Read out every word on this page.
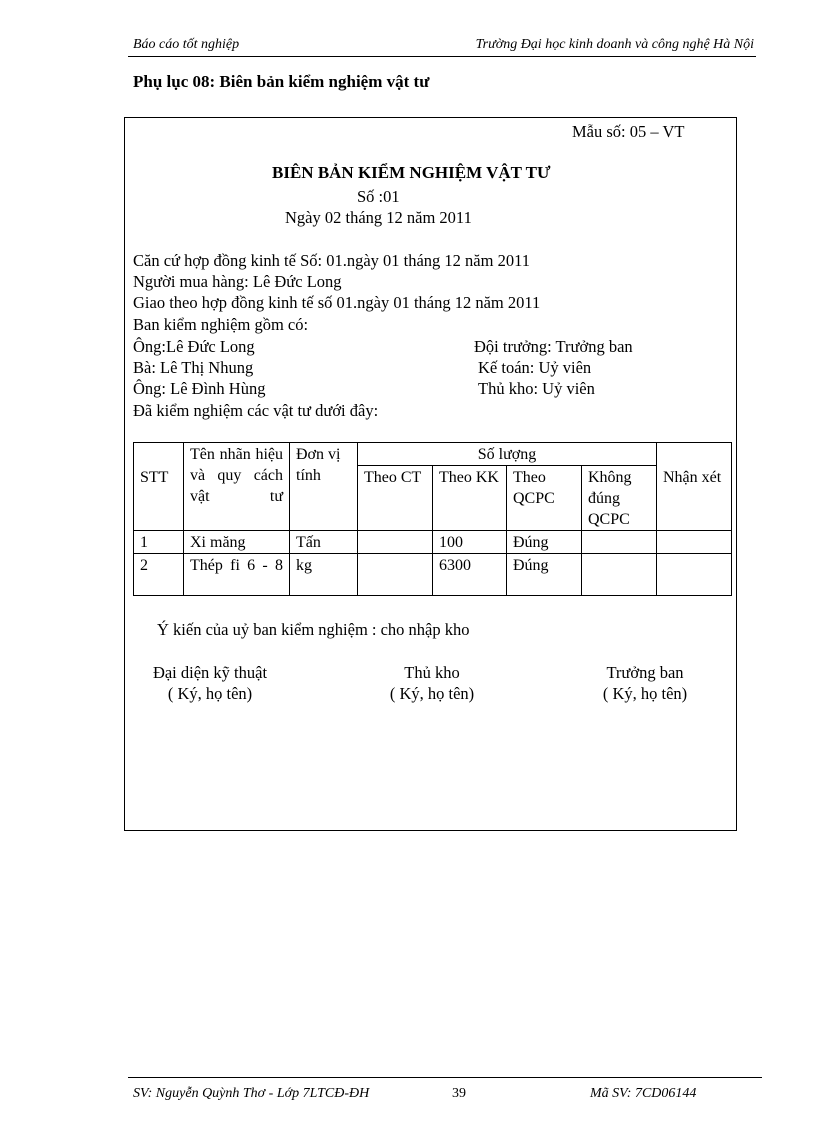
Báo cáo tốt nghiệp	Trường Đại học kinh doanh và công nghệ Hà Nội
Phụ lục 08: Biên bản kiểm nghiệm vật tư
Mẫu số: 05 – VT
BIÊN BẢN KIỂM NGHIỆM VẬT TƯ
Số :01
Ngày 02 tháng 12 năm 2011
Căn cứ hợp đồng kinh tế Số: 01.ngày 01 tháng 12 năm 2011
Người mua hàng: Lê Đức Long
Giao theo hợp đồng kinh tế số 01.ngày 01 tháng 12 năm 2011
Ban kiểm nghiệm gồm có:
Ông:Lê Đức Long	Đội trưởng: Trưởng ban
Bà: Lê Thị Nhung	Kế toán: Uỷ viên
Ông: Lê Đình Hùng	Thủ kho: Uỷ viên
Đã kiểm nghiệm các vật tư dưới đây:
STT	Tên nhãn hiệu và quy cách vật tư	Đơn vị tính	Số lượng				Nhận xét
			Theo CT	Theo KK	Theo QCPC	Không đúng QCPC	
1	Xi măng	Tấn		100	Đúng		
2	Thép fi 6 - 8	kg		6300	Đúng		
Ý kiến của uỷ ban kiểm nghiệm : cho nhập kho
Đại diện kỹ thuật
( Ký, họ tên)
Thủ kho
( Ký, họ tên)
Trưởng ban
( Ký, họ tên)
SV: Nguyễn Quỳnh Thơ - Lớp 7LTCĐ-ĐH	39	Mã SV: 7CD06144
